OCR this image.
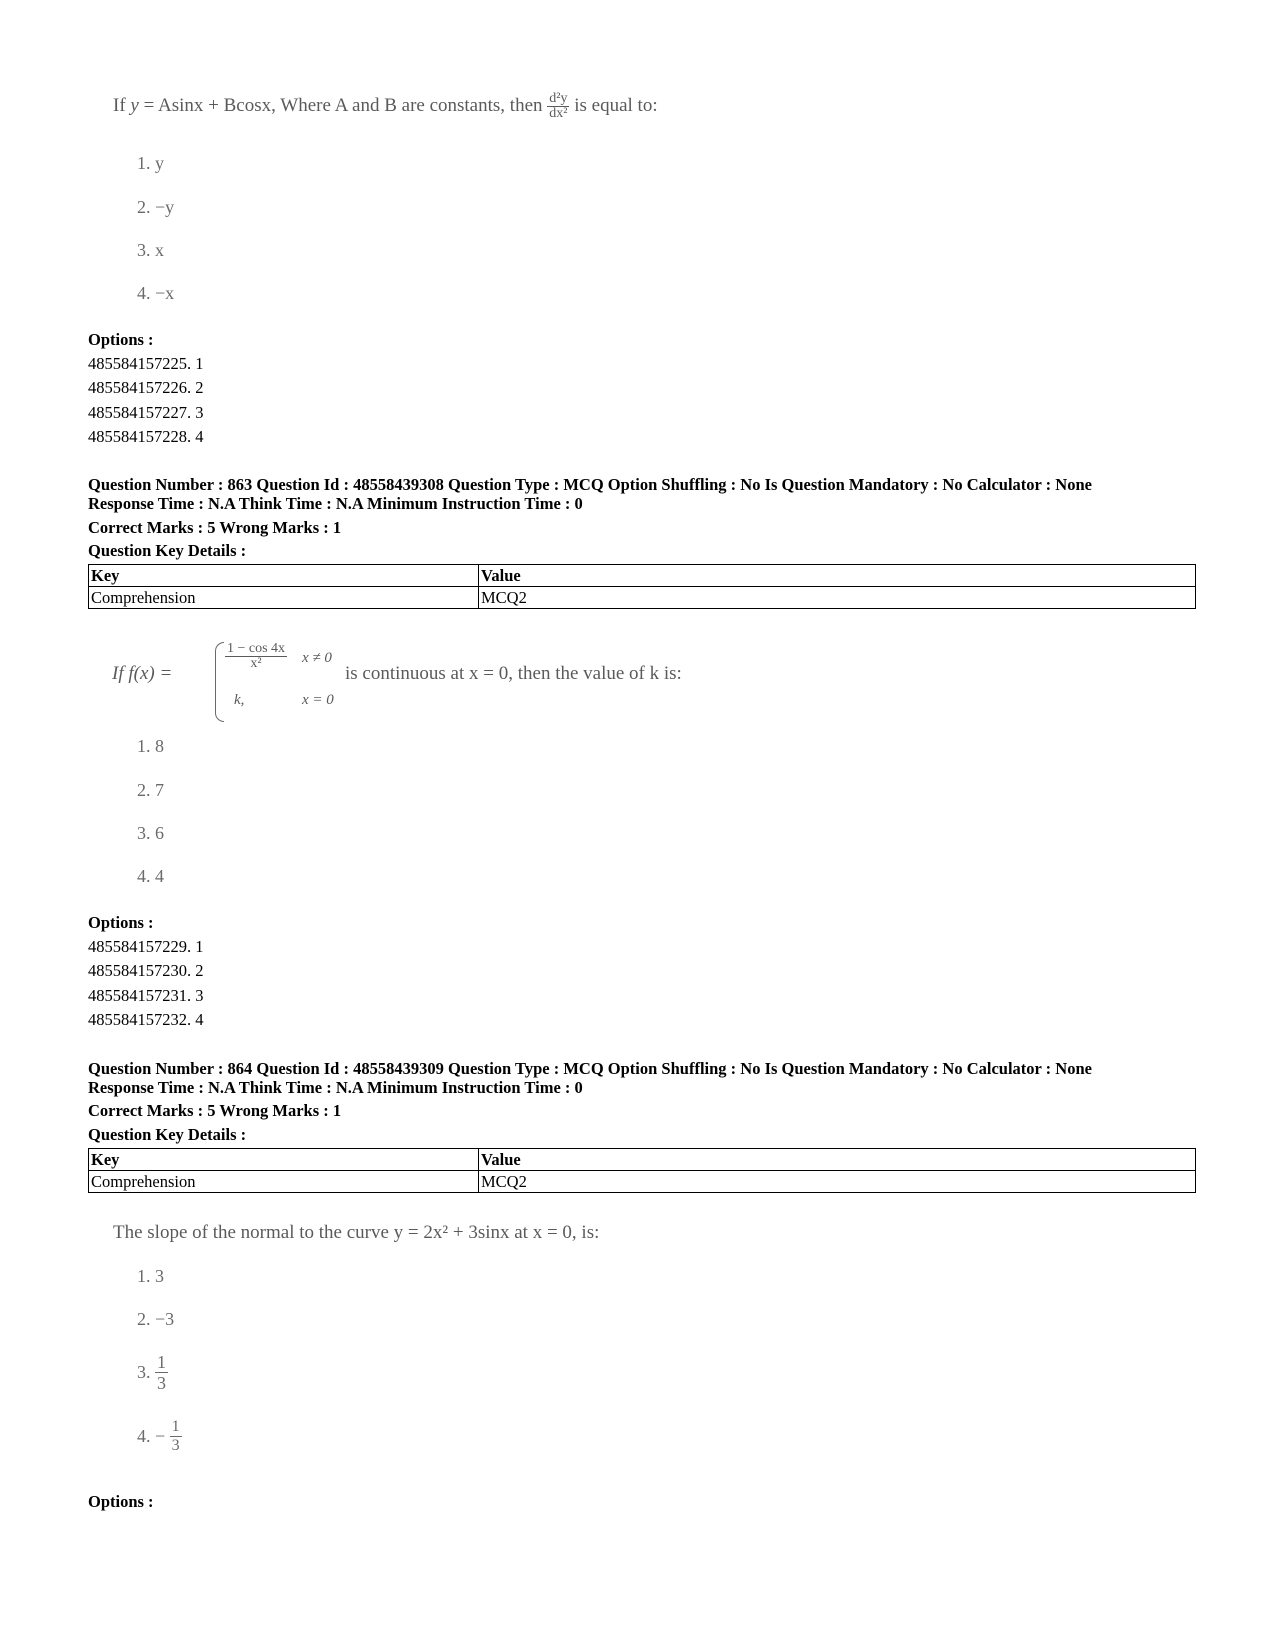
If y = Asinx + Bcosx, Where A and B are constants, then $\frac{\text{d²y}}{\text{dx²}}$ is equal to:
1. y
2. −y
3. x
4. −x
Options :
485584157225. 1
485584157226. 2
485584157227. 3
485584157228. 4
Question Number : 863 Question Id : 48558439308 Question Type : MCQ Option Shuffling : No Is Question Mandatory : No Calculator : None
Response Time : N.A Think Time : N.A Minimum Instruction Time : 0
Correct Marks : 5 Wrong Marks : 1
Question Key Details :
Key	Value
Comprehension	MCQ2
If f(x) =
$\frac{1 - \cos 4x}{\text{x²}}$ x ≠ 0
k,	x = 0
is continuous at x = 0, then the value of k is:
1. 8
2. 7
3. 6
4. 4
Options :
485584157229. 1
485584157230. 2
485584157231. 3
485584157232. 4
Question Number : 864 Question Id : 48558439309 Question Type : MCQ Option Shuffling : No Is Question Mandatory : No Calculator : None
Response Time : N.A Think Time : N.A Minimum Instruction Time : 0
Correct Marks : 5 Wrong Marks : 1
Question Key Details :
Key	Value
Comprehension	MCQ2
The slope of the normal to the curve y = 2x² + 3sinx at x = 0, is:
1. 3
2. −3
3. $\frac{1}{3}$
4. − $\frac{1}{3}$
Options :
